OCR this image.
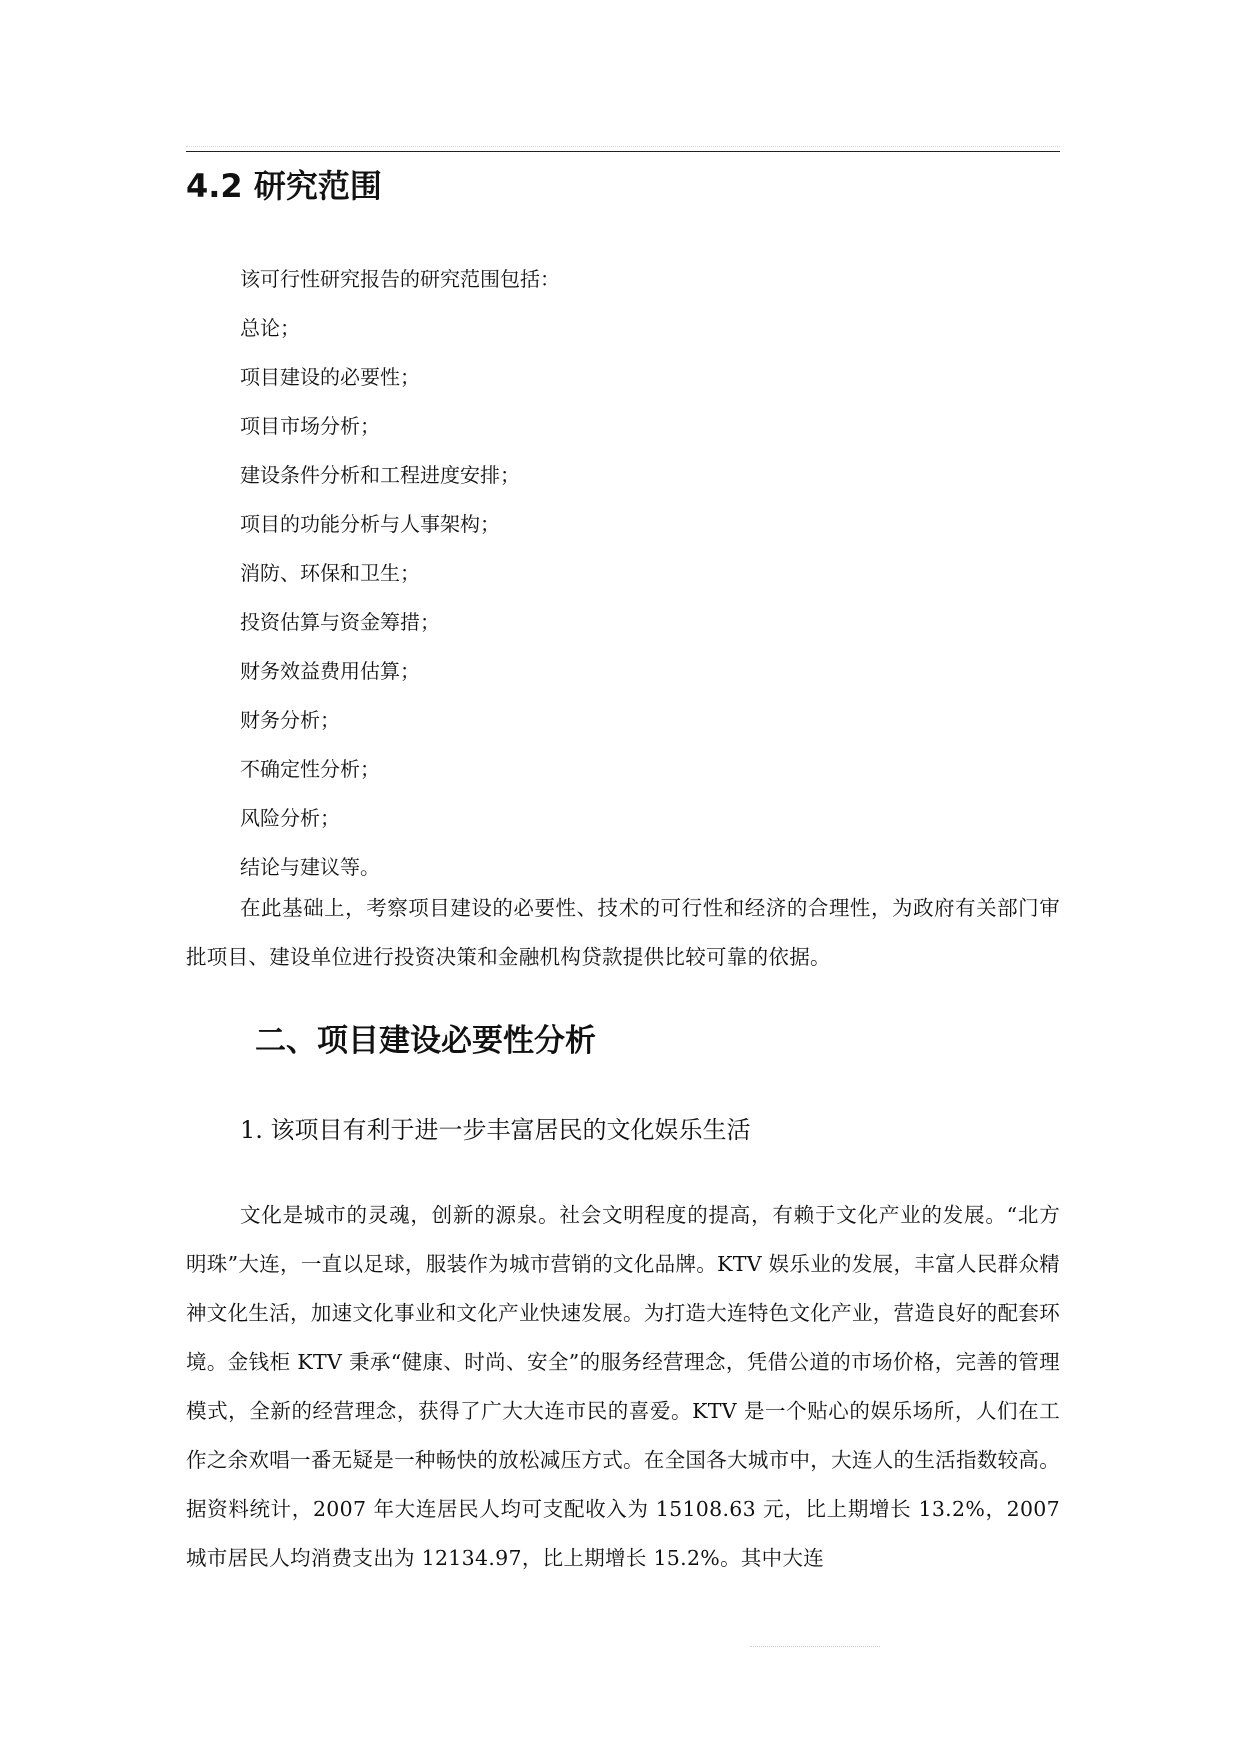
4.2 研究范围
该可行性研究报告的研究范围包括：
总论；
项目建设的必要性；
项目市场分析；
建设条件分析和工程进度安排；
项目的功能分析与人事架构；
消防、环保和卫生；
投资估算与资金筹措；
财务效益费用估算；
财务分析；
不确定性分析；
风险分析；
结论与建议等。

在此基础上，考察项目建设的必要性、技术的可行性和经济的合理性，为政府有关部门审批项目、建设单位进行投资决策和金融机构贷款提供比较可靠的依据。

二、项目建设必要性分析
1. 该项目有利于进一步丰富居民的文化娱乐生活

文化是城市的灵魂，创新的源泉。社会文明程度的提高，有赖于文化产业的发展。“北方明珠”大连，一直以足球，服装作为城市营销的文化品牌。KTV 娱乐业的发展，丰富人民群众精神文化生活，加速文化事业和文化产业快速发展。为打造大连特色文化产业，营造良好的配套环境。金钱柜 KTV 秉承“健康、时尚、安全”的服务经营理念，凭借公道的市场价格，完善的管理模式，全新的经营理念，获得了广大大连市民的喜爱。KTV 是一个贴心的娱乐场所，人们在工作之余欢唱一番无疑是一种畅快的放松减压方式。在全国各大城市中，大连人的生活指数较高。据资料统计，2007 年大连居民人均可支配收入为 15108.63 元，比上期增长 13.2%，2007 城市居民人均消费支出为 12134.97，比上期增长 15.2%。其中大连
